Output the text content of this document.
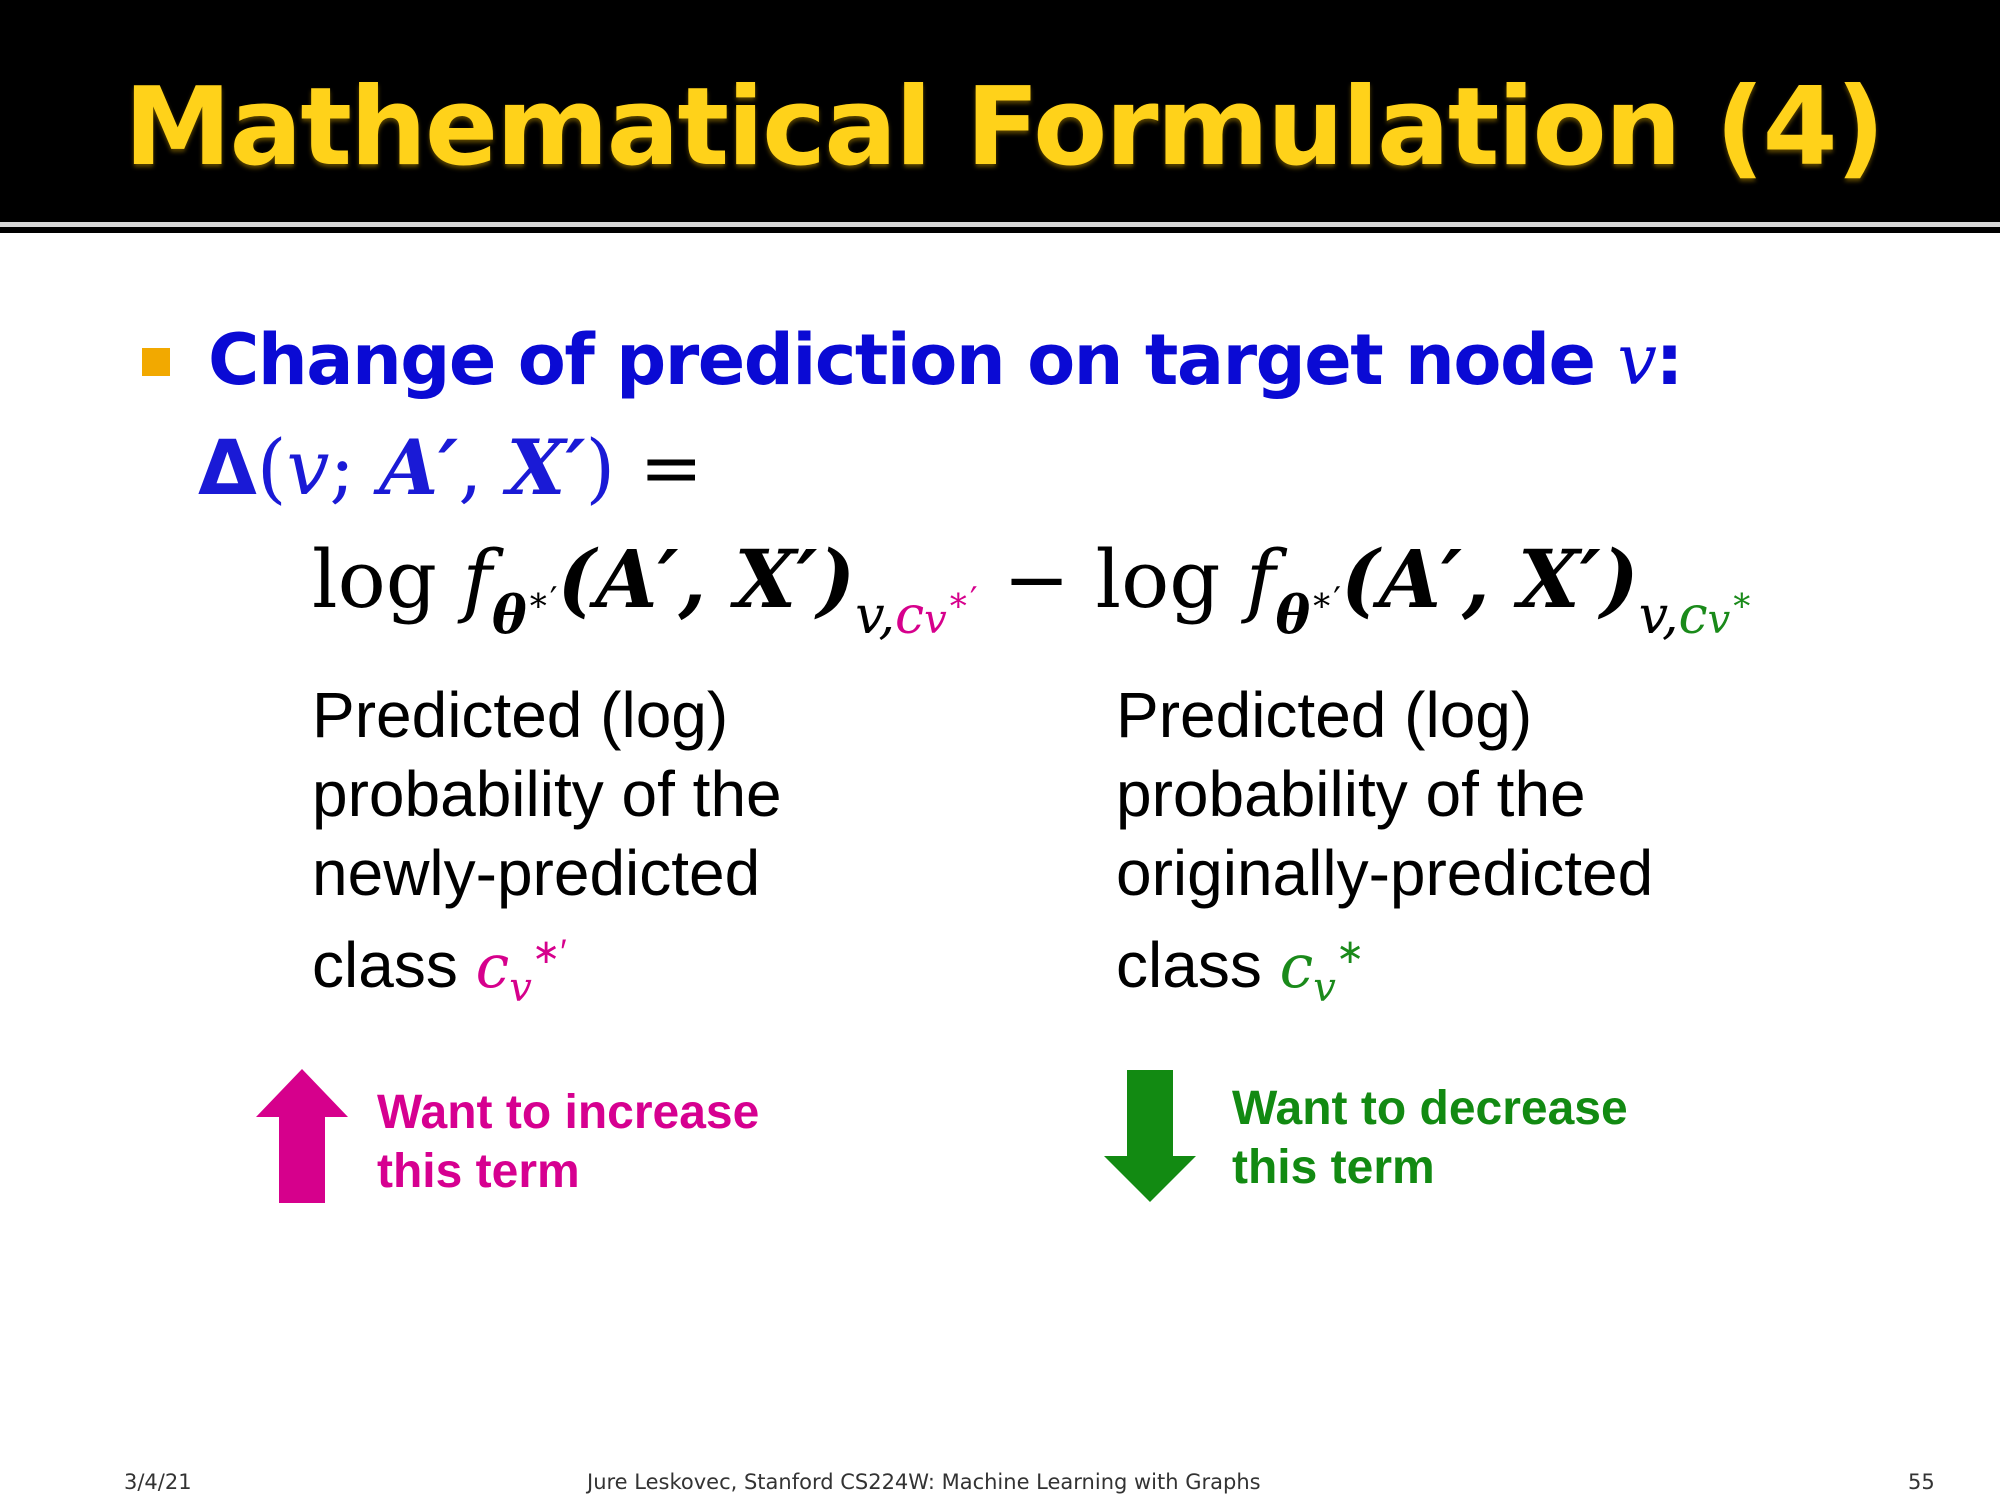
Mathematical Formulation (4)
Change of prediction on target node v:
Δ(v; A′, X′) =
$\log f_{\theta^{∗'}}(A'$, $X')_{v,cv^{∗'}} - \log f_{\theta^{∗'}}(A'$, $X')_{v,cv^∗}$
Predicted (log)
probability of the
newly-predicted
class $c_v^{∗'}$
Predicted (log)
probability of the
originally-predicted
class $c_v^∗$
Want to increase
this term
Want to decrease
this term
3/4/21	Jure Leskovec, Stanford CS224W: Machine Learning with Graphs	55
